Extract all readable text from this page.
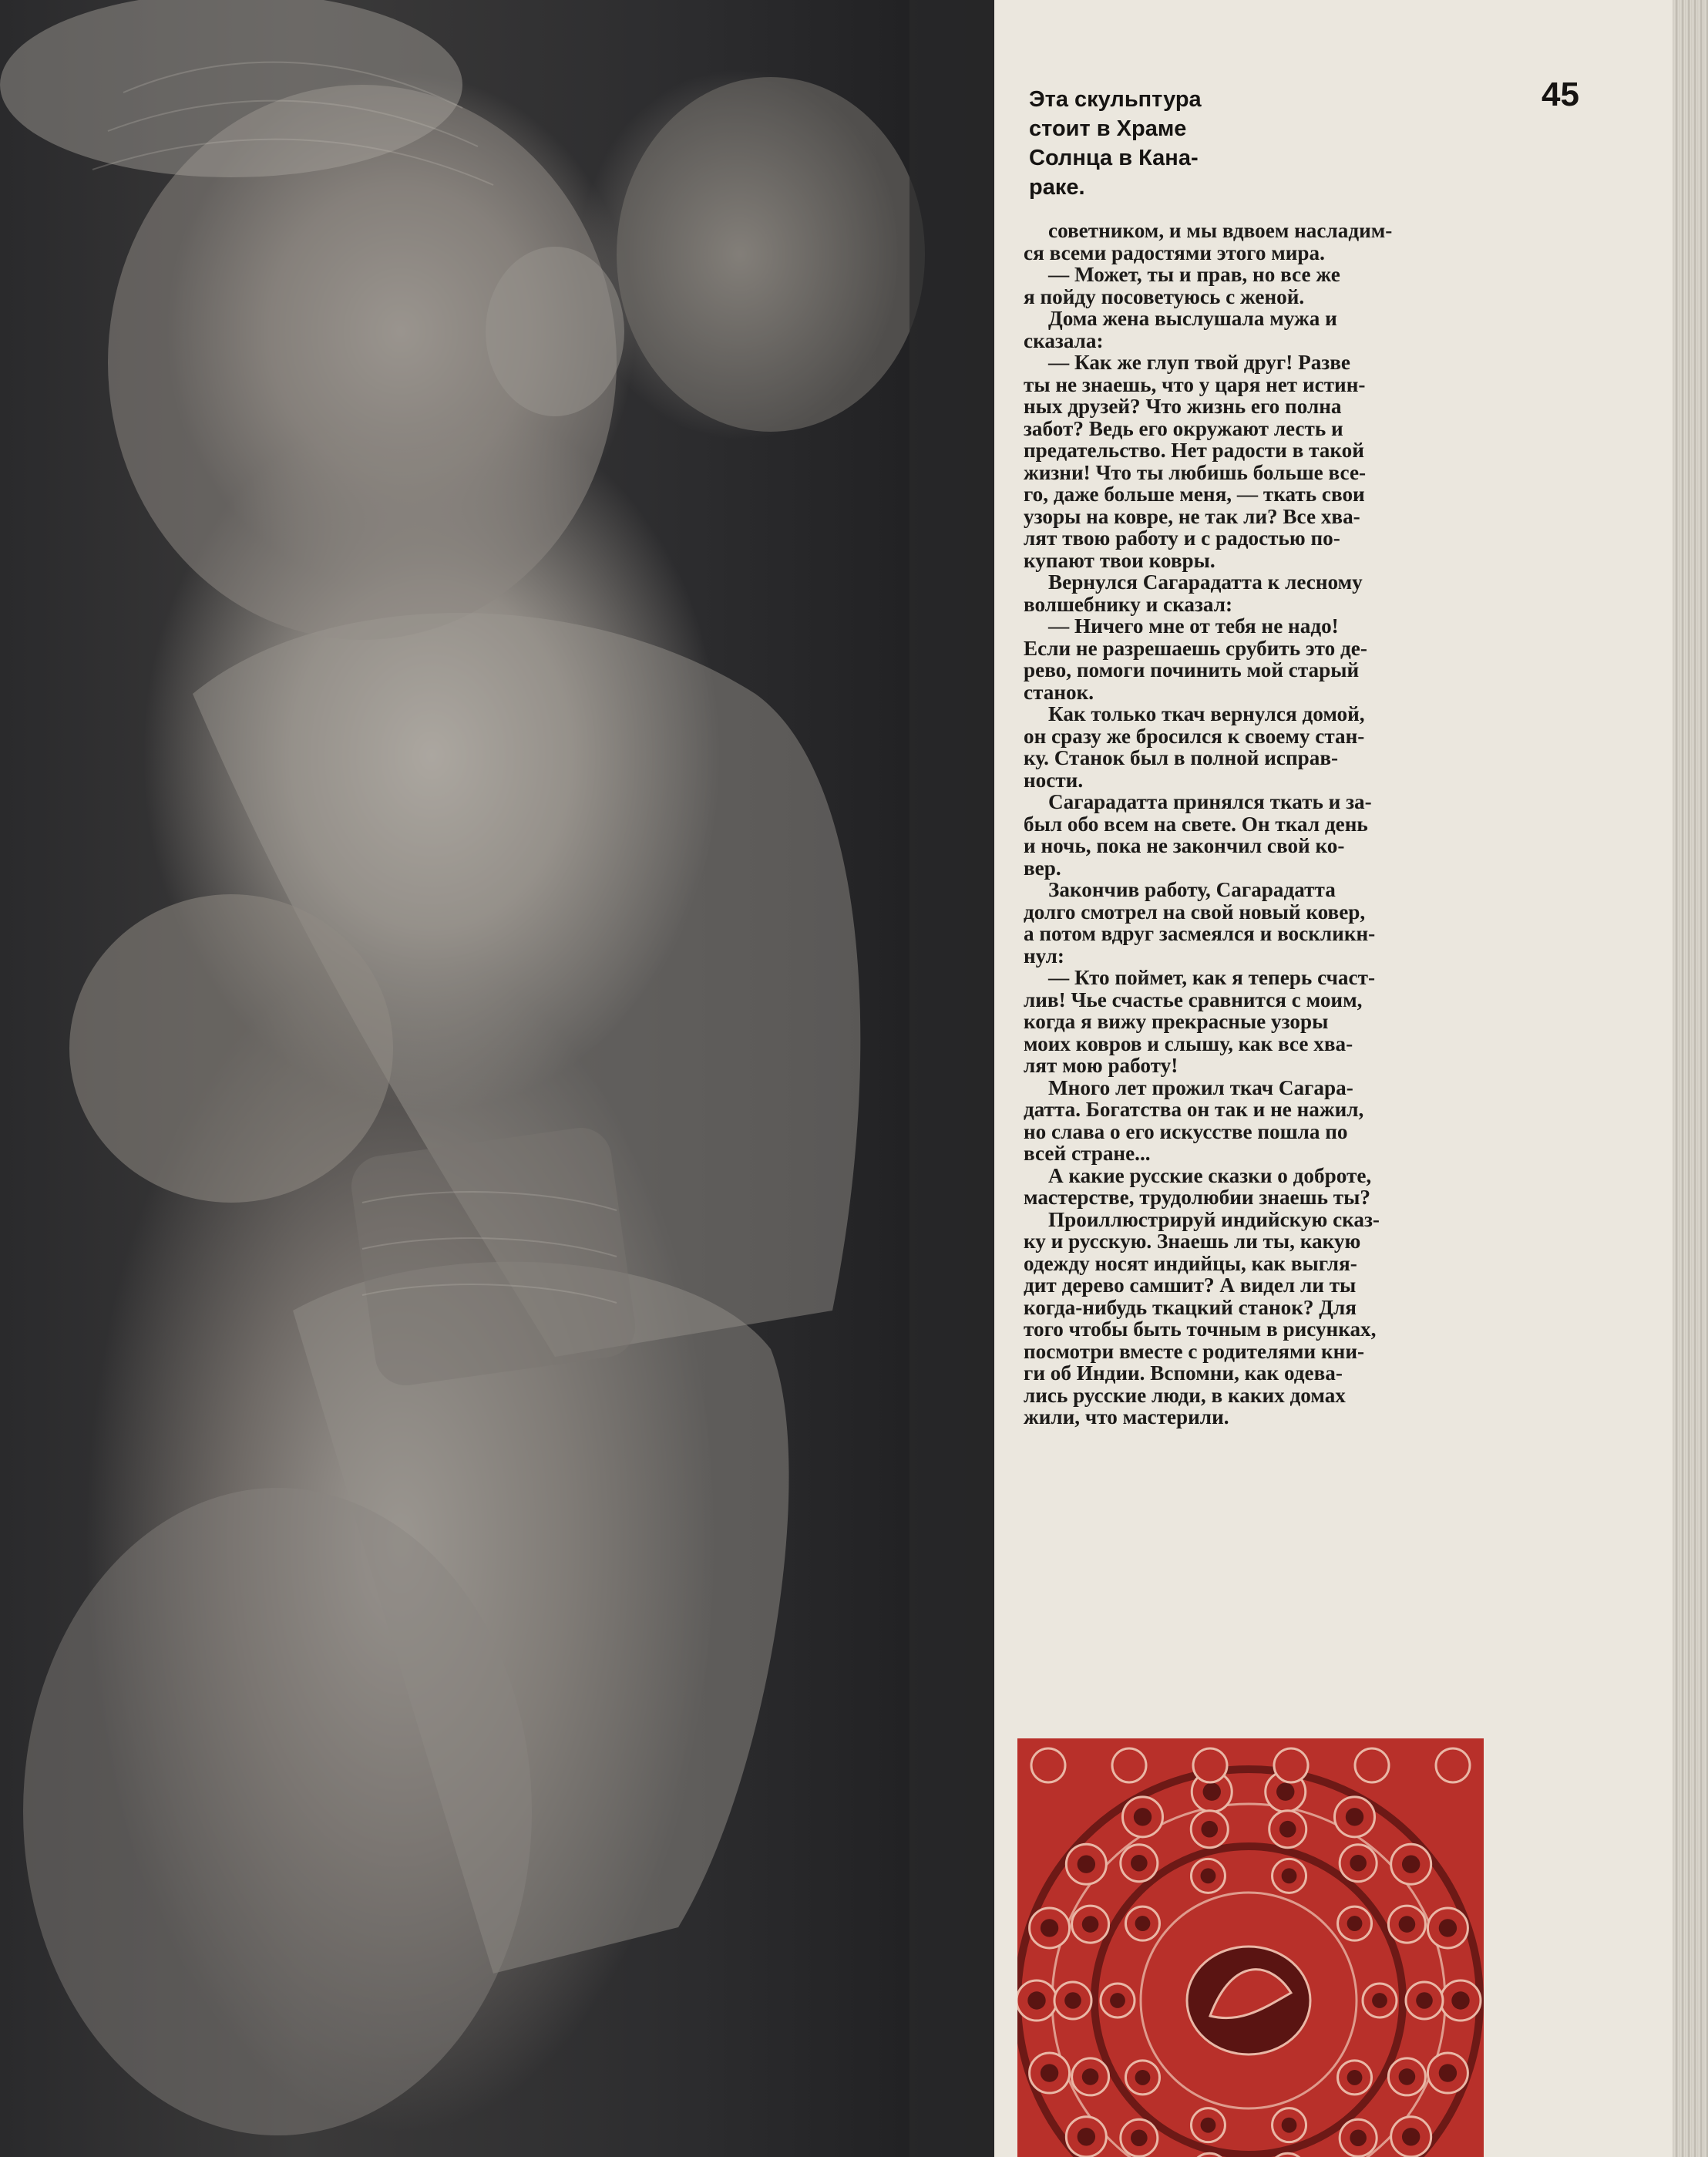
Эта скульптура
стоит в Храме
Солнца в Кана-
раке.
45

советником, и мы вдвоем насладим-
ся всеми радостями этого мира.

— Может, ты и прав, но все же
я пойду посоветуюсь с женой.

Дома жена выслушала мужа и
сказала:

— Как же глуп твой друг! Разве
ты не знаешь, что у царя нет истин-
ных друзей? Что жизнь его полна
забот? Ведь его окружают лесть и
предательство. Нет радости в такой
жизни! Что ты любишь больше все-
го, даже больше меня, — ткать свои
узоры на ковре, не так ли? Все хва-
лят твою работу и с радостью по-
купают твои ковры.

Вернулся Сагарадатта к лесному
волшебнику и сказал:

— Ничего мне от тебя не надо!
Если не разрешаешь срубить это де-
рево, помоги починить мой старый
станок.

Как только ткач вернулся домой,
он сразу же бросился к своему стан-
ку. Станок был в полной исправ-
ности.

Сагарадатта принялся ткать и за-
был обо всем на свете. Он ткал день
и ночь, пока не закончил свой ко-
вер.

Закончив работу, Сагарадатта
долго смотрел на свой новый ковер,
а потом вдруг засмеялся и воскликн-
нул:

— Кто поймет, как я теперь счаст-
лив! Чье счастье сравнится с моим,
когда я вижу прекрасные узоры
моих ковров и слышу, как все хва-
лят мою работу!

Много лет прожил ткач Сагара-
датта. Богатства он так и не нажил,
но слава о его искусстве пошла по
всей стране...

А какие русские сказки о доброте,
мастерстве, трудолюбии знаешь ты?

Проиллюстрируй индийскую сказ-
ку и русскую. Знаешь ли ты, какую
одежду носят индийцы, как выгля-
дит дерево самшит? А видел ли ты
когда-нибудь ткацкий станок? Для
того чтобы быть точным в рисунках,
посмотри вместе с родителями кни-
ги об Индии. Вспомни, как одева-
лись русские люди, в каких домах
жили, что мастерили.
